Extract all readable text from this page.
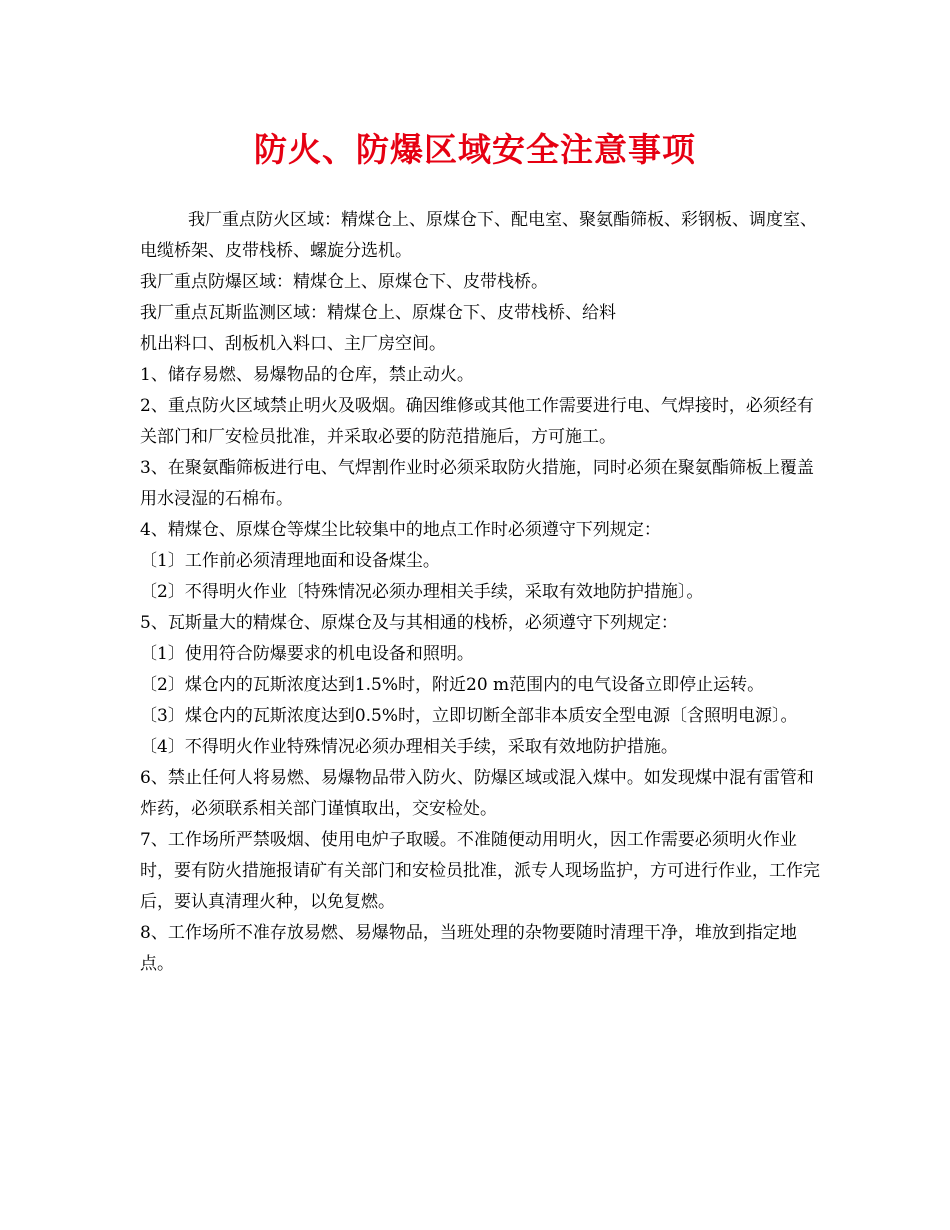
防火、防爆区域安全注意事项

我厂重点防火区域：精煤仓上、原煤仓下、配电室、聚氨酯筛板、彩钢板、调度室、电缆桥架、皮带栈桥、螺旋分选机。

我厂重点防爆区域：精煤仓上、原煤仓下、皮带栈桥。

我厂重点瓦斯监测区域：精煤仓上、原煤仓下、皮带栈桥、给料

机出料口、刮板机入料口、主厂房空间。

1、储存易燃、易爆物品的仓库，禁止动火。

2、重点防火区域禁止明火及吸烟。确因维修或其他工作需要进行电、气焊接时，必须经有关部门和厂安检员批准，并采取必要的防范措施后，方可施工。

3、在聚氨酯筛板进行电、气焊割作业时必须采取防火措施，同时必须在聚氨酯筛板上覆盖用水浸湿的石棉布。

4、精煤仓、原煤仓等煤尘比较集中的地点工作时必须遵守下列规定：

〔1〕工作前必须清理地面和设备煤尘。

〔2〕不得明火作业〔特殊情况必须办理相关手续，采取有效地防护措施〕。

5、瓦斯量大的精煤仓、原煤仓及与其相通的栈桥，必须遵守下列规定：

〔1〕使用符合防爆要求的机电设备和照明。

〔2〕煤仓内的瓦斯浓度达到1.5%时，附近20 m范围内的电气设备立即停止运转。

〔3〕煤仓内的瓦斯浓度达到0.5%时，立即切断全部非本质安全型电源〔含照明电源〕。

〔4〕不得明火作业特殊情况必须办理相关手续，采取有效地防护措施。

6、禁止任何人将易燃、易爆物品带入防火、防爆区域或混入煤中。如发现煤中混有雷管和炸药，必须联系相关部门谨慎取出，交安检处。

7、工作场所严禁吸烟、使用电炉子取暖。不准随便动用明火，因工作需要必须明火作业时，要有防火措施报请矿有关部门和安检员批准，派专人现场监护，方可进行作业，工作完后，要认真清理火种，以免复燃。

8、工作场所不准存放易燃、易爆物品，当班处理的杂物要随时清理干净，堆放到指定地点。
